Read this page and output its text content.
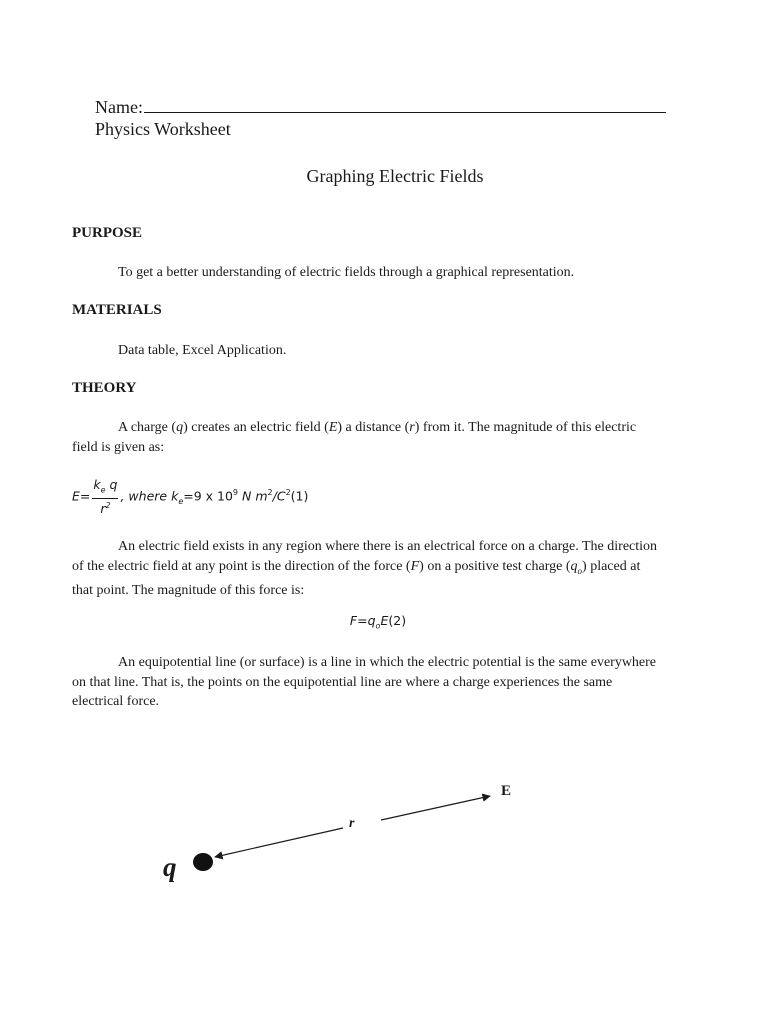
Name:
Physics Worksheet
Graphing Electric Fields
PURPOSE
To get a better understanding of electric fields through a graphical representation.
MATERIALS
Data table, Excel Application.
THEORY
A charge (q) creates an electric field (E) a distance (r) from it. The magnitude of this electric field is given as:
$E= \frac{k_e q}{r^2}$ , where $k_e=9$ x $10^9$ N $m^2/C^2(1)$
An electric field exists in any region where there is an electrical force on a charge. The direction of the electric field at any point is the direction of the force (F) on a positive test charge $(q_o)$ placed at that point. The magnitude of this force is:
$F=q_oE(2)$
An equipotential line (or surface) is a line in which the electric potential is the same everywhere on that line. That is, the points on the equipotential line are where a charge experiences the same electrical force.
q
r
E
